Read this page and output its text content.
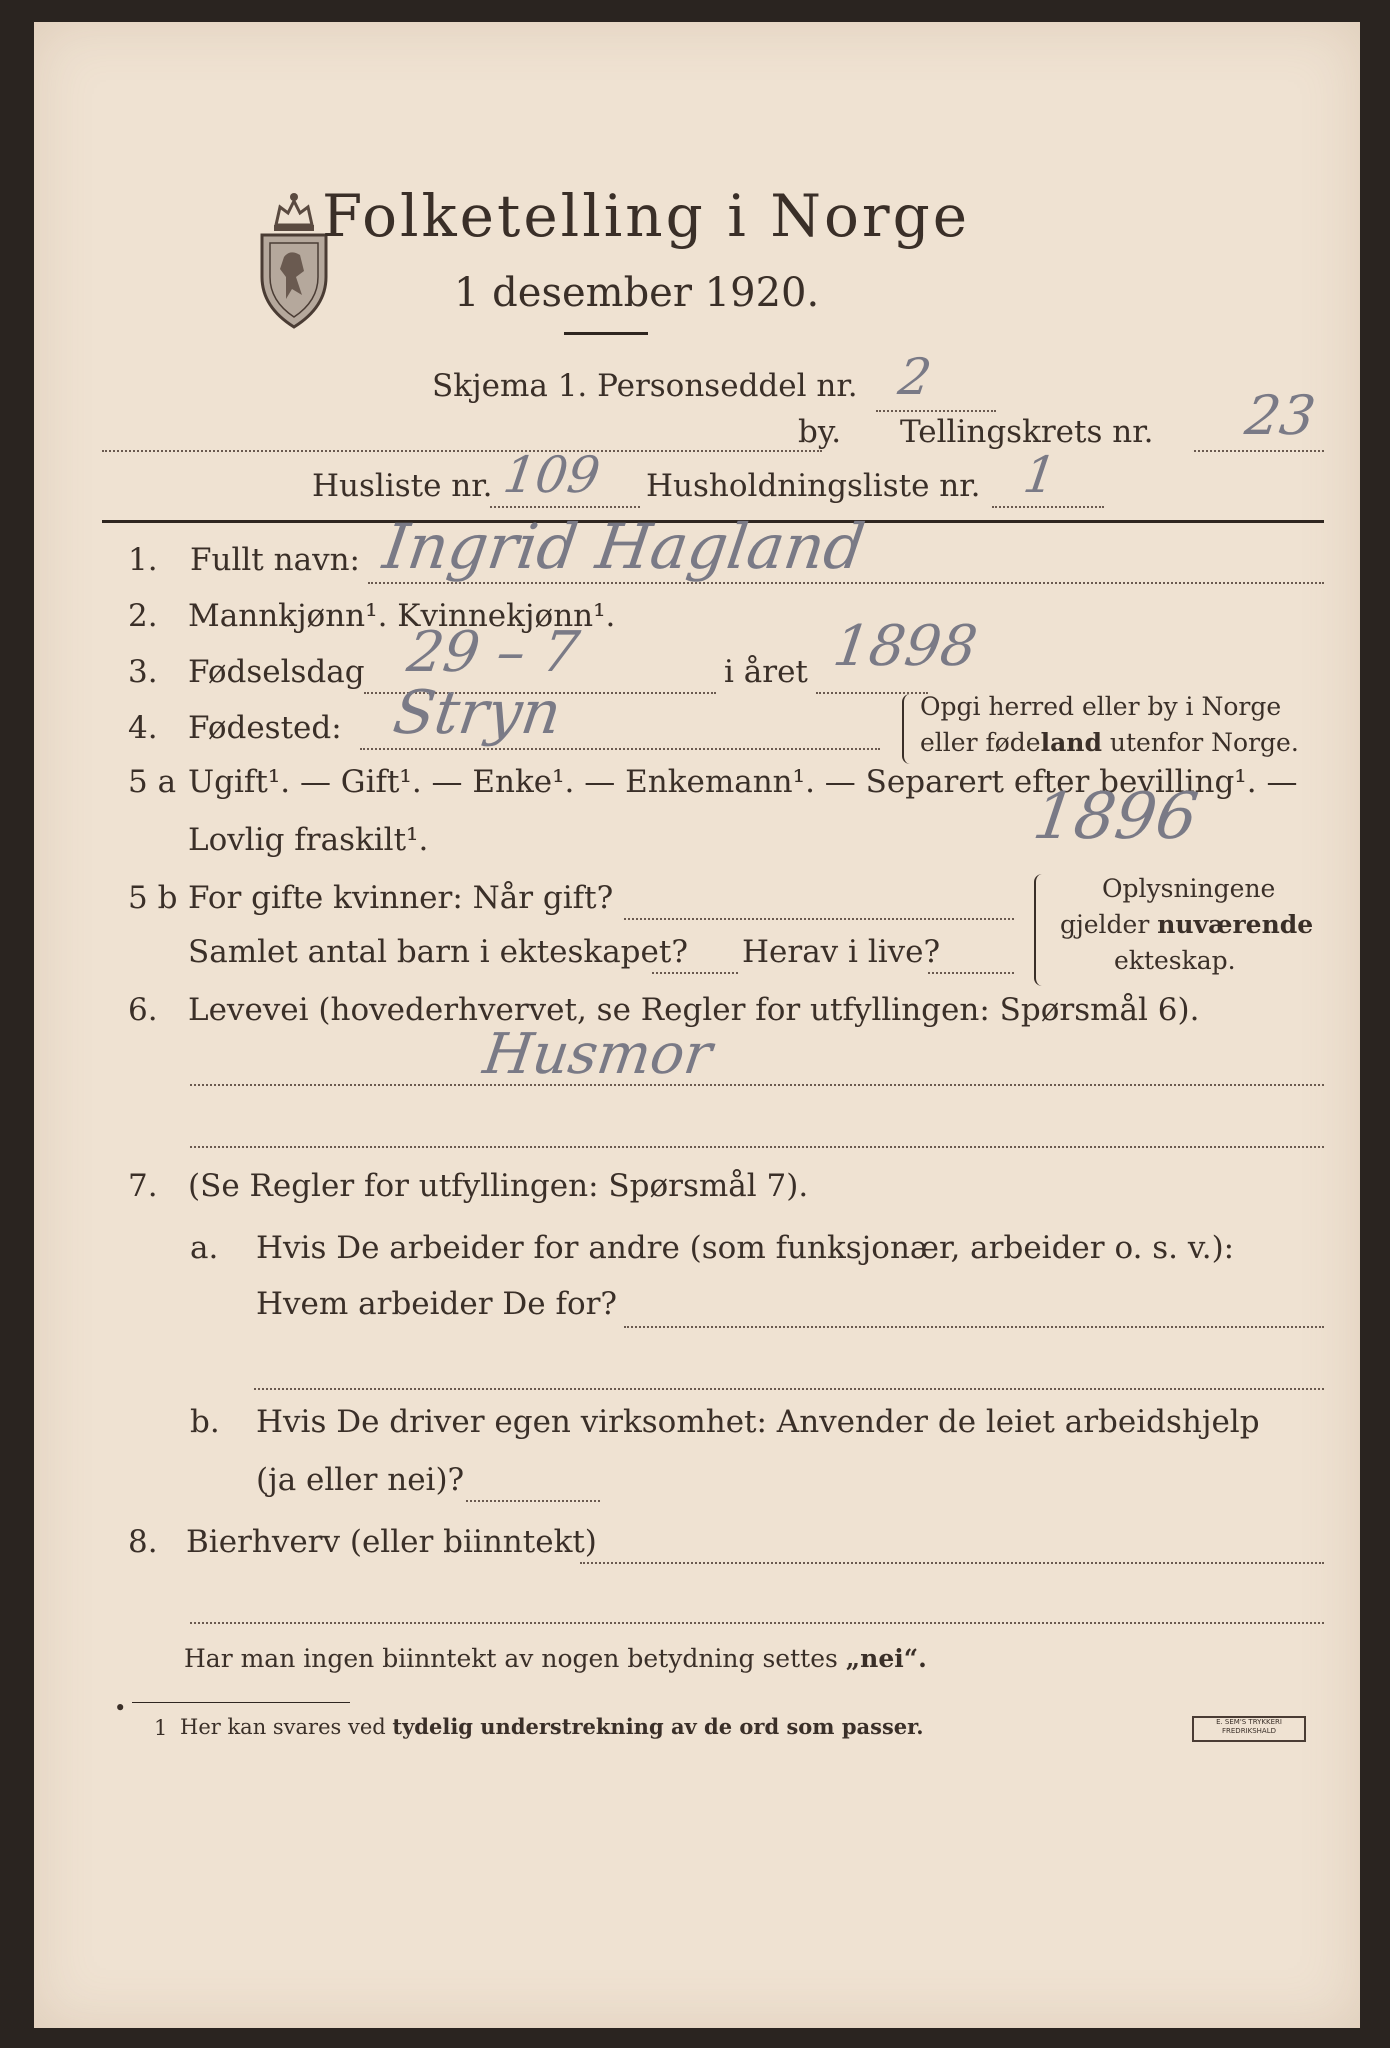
Folketelling i Norge
1 desember 1920.
Skjema 1. Personseddel nr. 2
by. Tellingskrets nr. 23
Husliste nr. 109 Husholdningsliste nr. 1
1. Fullt navn: Ingrid Hagland
2. Mannkjønn¹. Kvinnekjønn¹.
3. Fødselsdag 29 – 7	i året 1898
4. Fødested: Stryn	Opgi herred eller by i Norge
eller fødeland utenfor Norge.
5 a Ugift¹. — Gift¹. — Enke¹. — Enkemann¹. — Separert efter bevilling¹. —
Lovlig fraskilt¹.
5 b For gifte kvinner: Når gift?
1896
Samlet antal barn i ekteskapet? Herav i live?
Oplysningene
gjelder nuværende
ekteskap.
6. Levevei (hovederhvervet, se Regler for utfyllingen: Spørsmål 6).
Husmor
7. (Se Regler for utfyllingen: Spørsmål 7).
a. Hvis De arbeider for andre (som funksjonær, arbeider o. s. v.):
Hvem arbeider De for?
b. Hvis De driver egen virksomhet: Anvender de leiet arbeidshjelp
(ja eller nei)?
8. Bierhverv (eller biinntekt)
Har man ingen biinntekt av nogen betydning settes „nei“.
•
1 Her kan svares ved tydelig understrekning av de ord som passer.	E. SEM'S TRYKKERI
FREDRIKSHALD
